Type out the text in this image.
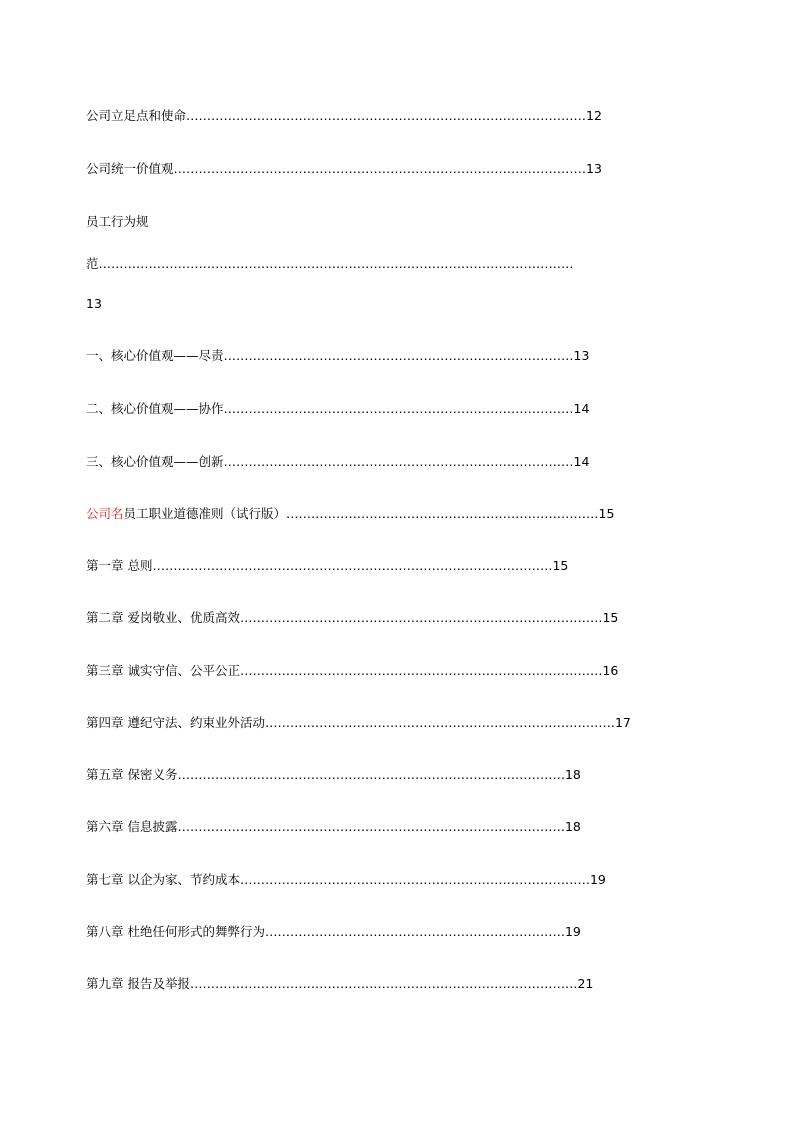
公司立足点和使命……………………………………………………………………………………12
公司统一价值观………………………………………………………………………………………13
员工行为规
范……………………………………………………………………………………………………
13
一、核心价值观——尽责…………………………………………………………………………13
二、核心价值观——协作…………………………………………………………………………14
三、核心价值观——创新…………………………………………………………………………14
公司名员工职业道德准则（试行版）…………………………………………………………………15
第一章 总则……………………………………………………………………………………15
第二章 爱岗敬业、优质高效……………………………………………………………………………15
第三章 诚实守信、公平公正……………………………………………………………………………16
第四章 遵纪守法、约束业外活动…………………………………………………………………………17
第五章 保密义务…………………………………………………………………………………18
第六章 信息披露…………………………………………………………………………………18
第七章 以企为家、节约成本…………………………………………………………………………19
第八章 杜绝任何形式的舞弊行为………………………………………………………………19
第九章 报告及举报…………………………………………………………………………………21
